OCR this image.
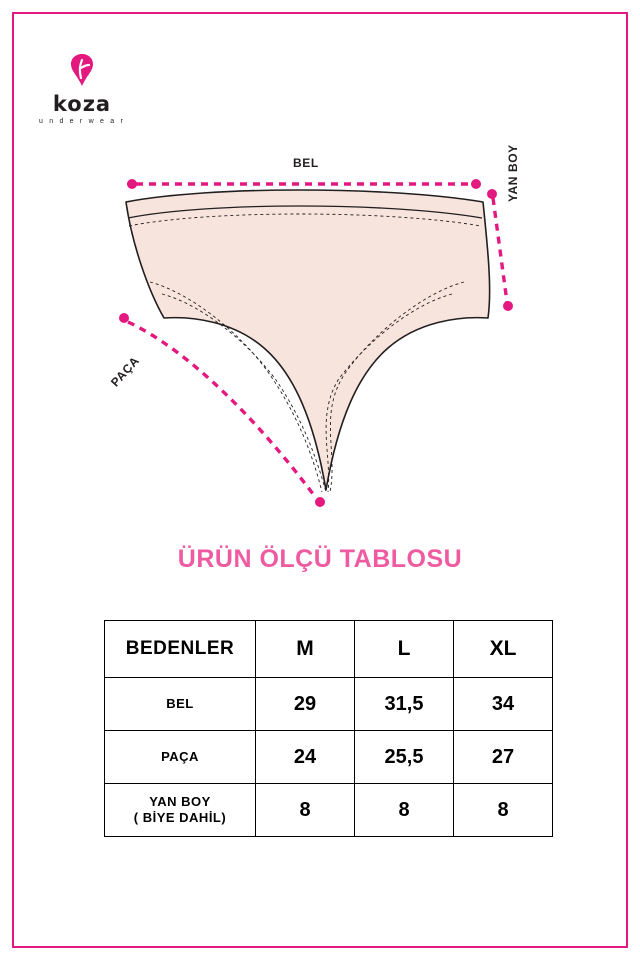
koza
u n d e r w e a r
BEL	YAN BOY
PAÇA
ÜRÜN ÖLÇÜ TABLOSU
BEDENLER	M	L	XL
BEL	29	31,5	34
PAÇA	24	25,5	27
YAN BOY
( BİYE DAHİL)	8	8	8
